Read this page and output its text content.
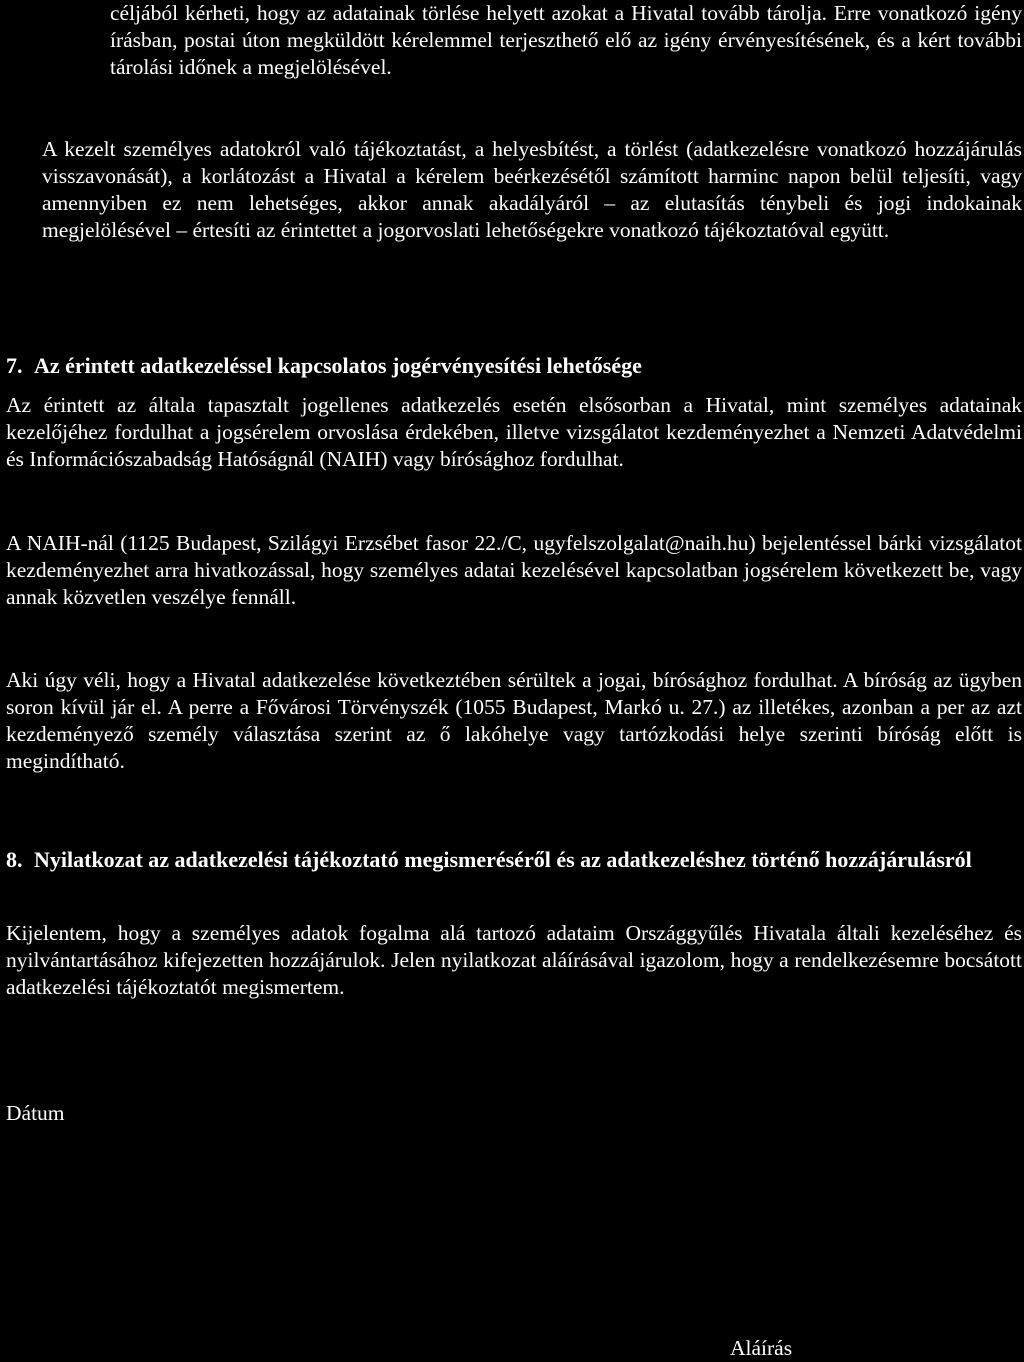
céljából kérheti, hogy az adatainak törlése helyett azokat a Hivatal tovább tárolja. Erre vonatkozó igény írásban, postai úton megküldött kérelemmel terjeszthető elő az igény érvényesítésének, és a kért további tárolási időnek a megjelölésével.

A kezelt személyes adatokról való tájékoztatást, a helyesbítést, a törlést (adatkezelésre vonatkozó hozzájárulás visszavonását), a korlátozást a Hivatal a kérelem beérkezésétől számított harminc napon belül teljesíti, vagy amennyiben ez nem lehetséges, akkor annak akadályáról – az elutasítás ténybeli és jogi indokainak megjelölésével – értesíti az érintettet a jogorvoslati lehetőségekre vonatkozó tájékoztatóval együtt.

7. Az érintett adatkezeléssel kapcsolatos jogérvényesítési lehetősége

Az érintett az általa tapasztalt jogellenes adatkezelés esetén elsősorban a Hivatal, mint személyes adatainak kezelőjéhez fordulhat a jogsérelem orvoslása érdekében, illetve vizsgálatot kezdeményezhet a Nemzeti Adatvédelmi és Információszabadság Hatóságnál (NAIH) vagy bírósághoz fordulhat.

A NAIH-nál (1125 Budapest, Szilágyi Erzsébet fasor 22./C, ugyfelszolgalat@naih.hu) bejelentéssel bárki vizsgálatot kezdeményezhet arra hivatkozással, hogy személyes adatai kezelésével kapcsolatban jogsérelem következett be, vagy annak közvetlen veszélye fennáll.

Aki úgy véli, hogy a Hivatal adatkezelése következtében sérültek a jogai, bírósághoz fordulhat. A bíróság az ügyben soron kívül jár el. A perre a Fővárosi Törvényszék (1055 Budapest, Markó u. 27.) az illetékes, azonban a per az azt kezdeményező személy választása szerint az ő lakóhelye vagy tartózkodási helye szerinti bíróság előtt is megindítható.

8. Nyilatkozat az adatkezelési tájékoztató megismeréséről és az adatkezeléshez történő hozzájárulásról

Kijelentem, hogy a személyes adatok fogalma alá tartozó adataim Országgyűlés Hivatala általi kezeléséhez és nyilvántartásához kifejezetten hozzájárulok. Jelen nyilatkozat aláírásával igazolom, hogy a rendelkezésemre bocsátott adatkezelési tájékoztatót megismertem.

Dátum

Aláírás
